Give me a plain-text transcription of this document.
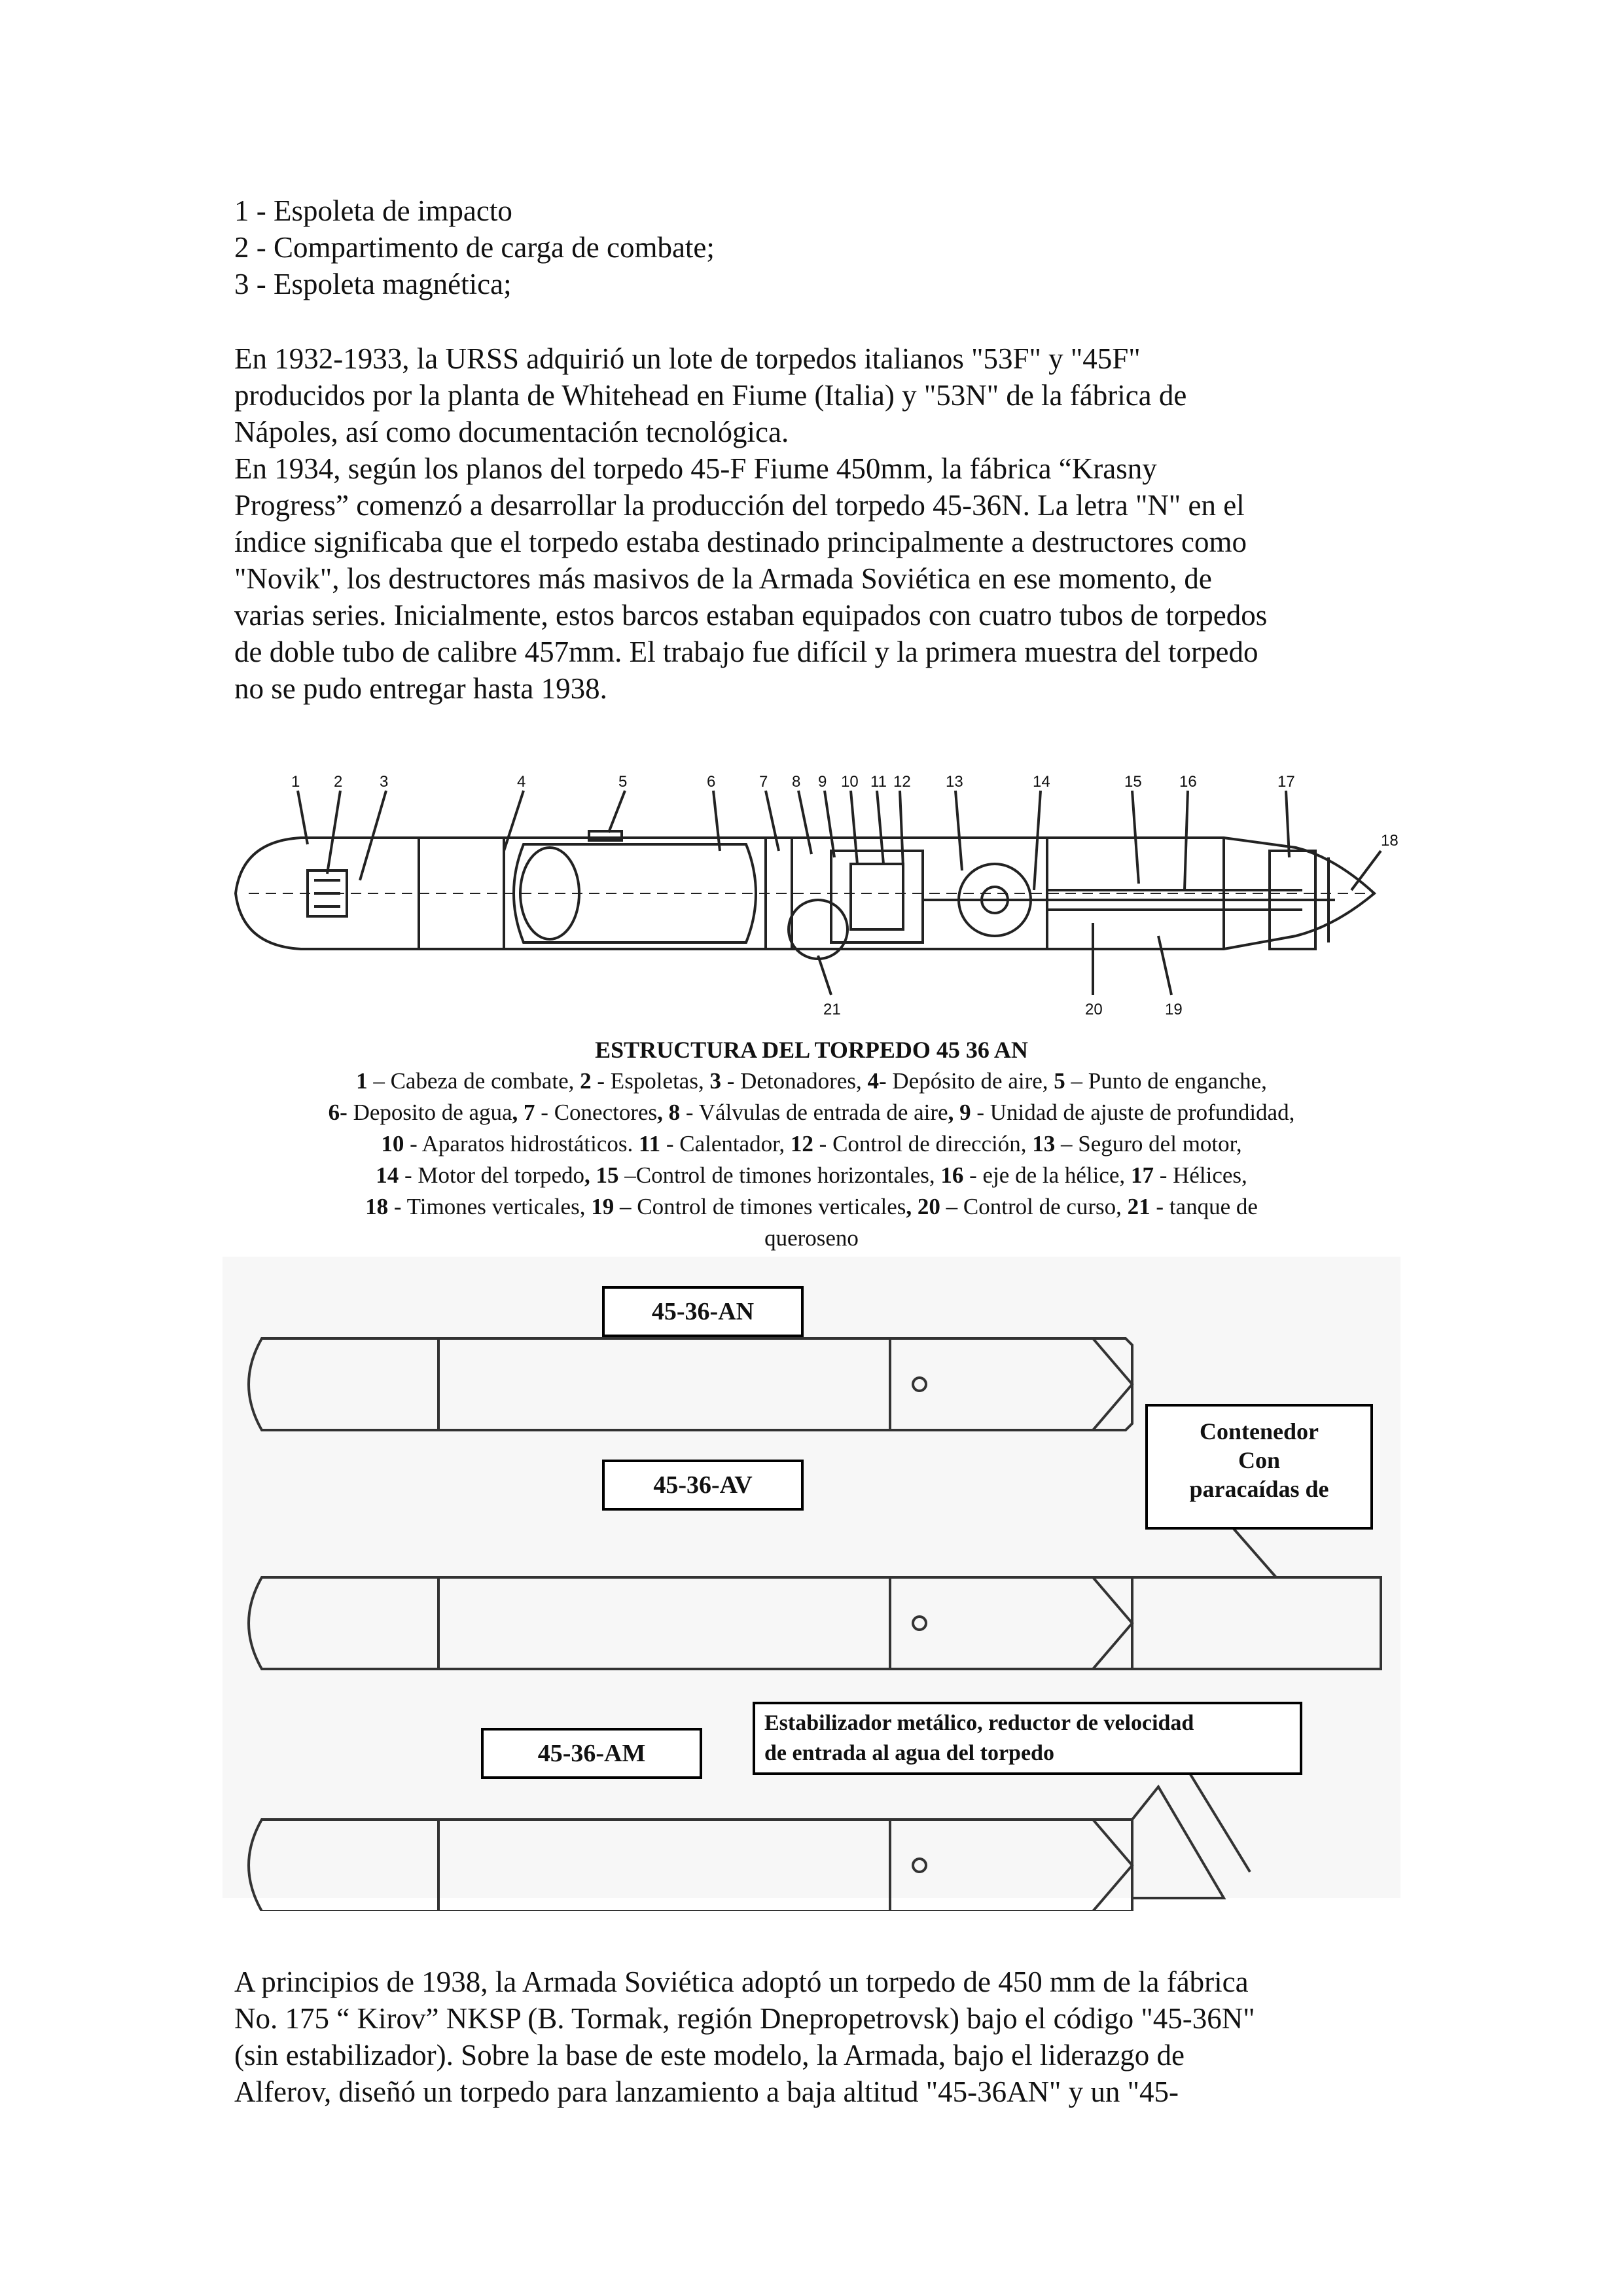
1 - Espoleta de impacto
2 - Compartimento de carga de combate;
3 - Espoleta magnética;
En 1932-1933, la URSS adquirió un lote de torpedos italianos "53F" y "45F"
producidos por la planta de Whitehead en Fiume (Italia) y "53N" de la fábrica de
Nápoles, así como documentación tecnológica.
En 1934, según los planos del torpedo 45-F Fiume 450mm, la fábrica “Krasny
Progress” comenzó a desarrollar la producción del torpedo 45-36N. La letra "N" en el
índice significaba que el torpedo estaba destinado principalmente a destructores como
"Novik", los destructores más masivos de la Armada Soviética en ese momento, de
varias series. Inicialmente, estos barcos estaban equipados con cuatro tubos de torpedos
de doble tubo de calibre 457mm. El trabajo fue difícil y la primera muestra del torpedo
no se pudo entregar hasta 1938.
1 2 3	4	5	6	7 8 9 10 11 12 13	14	15 16	17
18
21	20	19
ESTRUCTURA DEL TORPEDO 45 36 AN
1 – Cabeza de combate, 2 - Espoletas, 3 - Detonadores, 4- Depósito de aire, 5 – Punto de enganche,
6- Deposito de agua, 7 - Conectores, 8 - Válvulas de entrada de aire, 9 - Unidad de ajuste de profundidad,
10 - Aparatos hidrostáticos. 11 - Calentador, 12 - Control de dirección, 13 – Seguro del motor,
14 - Motor del torpedo, 15 –Control de timones horizontales, 16 - eje de la hélice, 17 - Hélices,
18 - Timones verticales, 19 – Control de timones verticales, 20 – Control de curso, 21 - tanque de
queroseno
45-36-AN
45-36-AV
45-36-AM
Contenedor
Con
paracaídas de
Estabilizador metálico, reductor de velocidad
de entrada al agua del torpedo
A principios de 1938, la Armada Soviética adoptó un torpedo de 450 mm de la fábrica
No. 175 “ Kirov” NKSP (B. Tormak, región Dnepropetrovsk) bajo el código "45-36N"
(sin estabilizador). Sobre la base de este modelo, la Armada, bajo el liderazgo de
Alferov, diseñó un torpedo para lanzamiento a baja altitud "45-36AN" y un "45-
